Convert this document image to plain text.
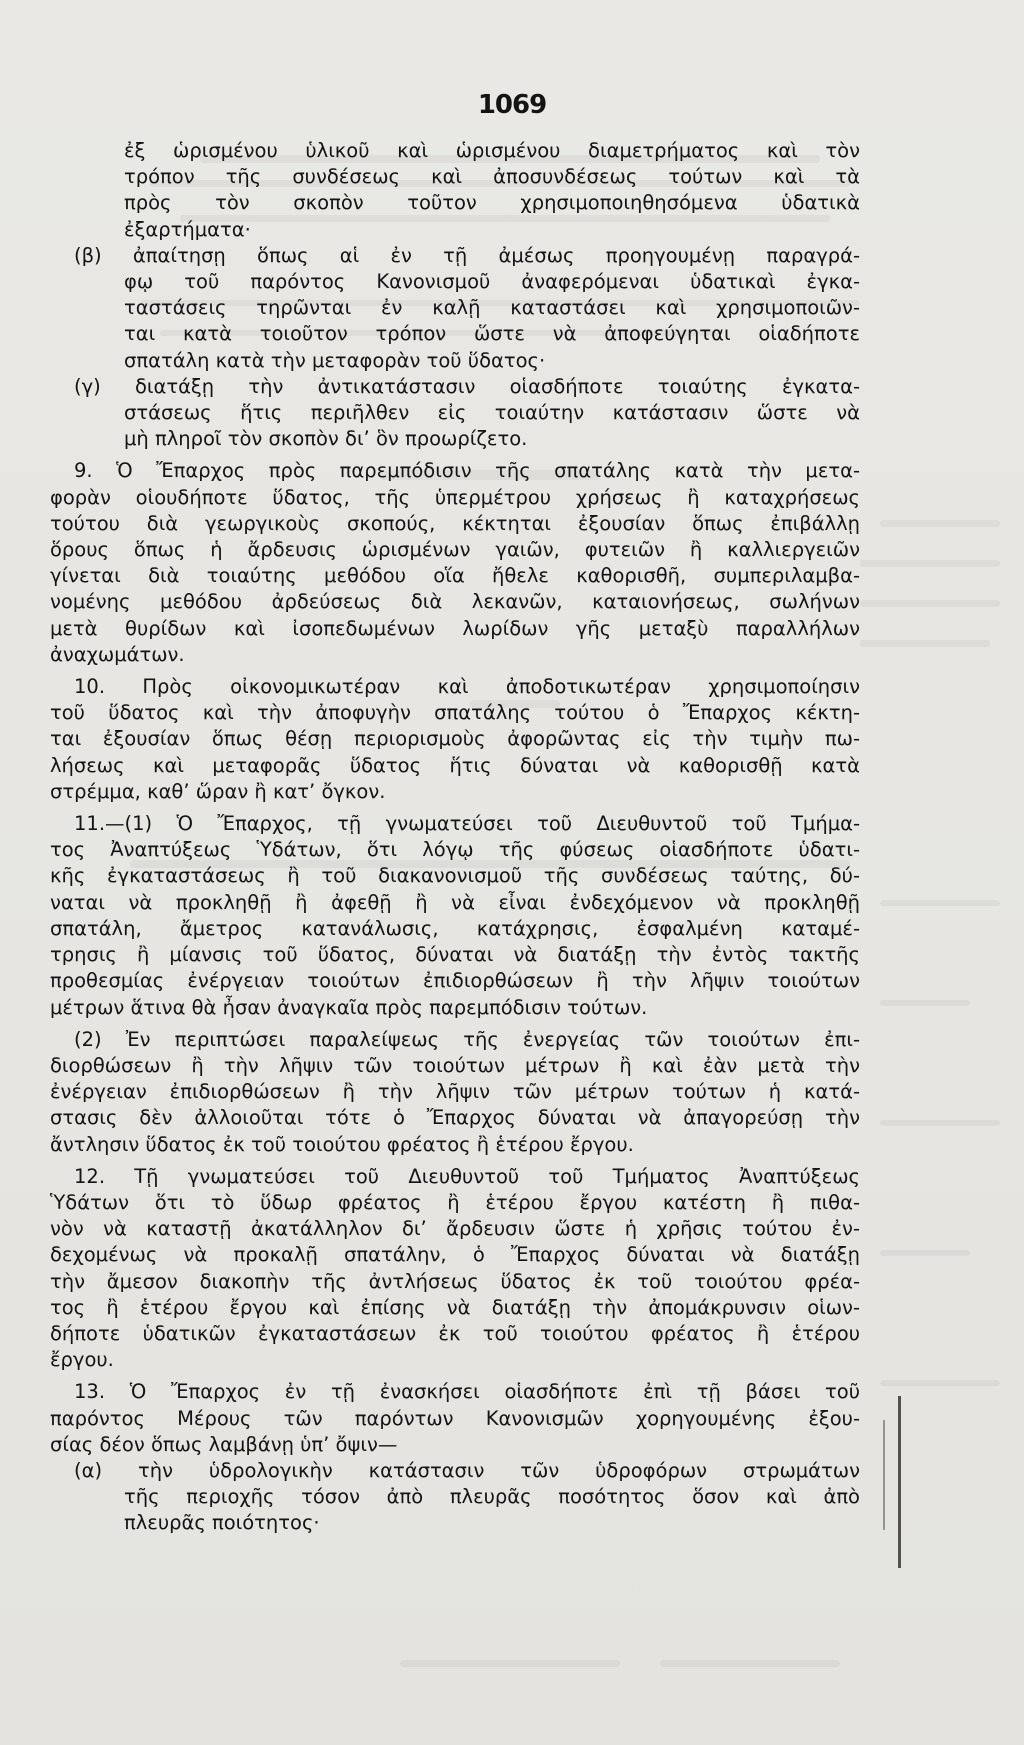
1069
ἐξ ὡρισμένου ὑλικοῦ καὶ ὡρισμένου διαμετρήματος καὶ τὸν
τρόπον τῆς συνδέσεως καὶ ἀποσυνδέσεως τούτων καὶ τὰ
πρὸς τὸν σκοπὸν τοῦτον χρησιμοποιηθησόμενα ὑδατικὰ
ἐξαρτήματα·
(β) ἀπαίτησῃ ὅπως αἱ ἐν τῇ ἀμέσως προηγουμένῃ παραγρά-
φῳ τοῦ παρόντος Κανονισμοῦ ἀναφερόμεναι ὑδατικαὶ ἐγκα-
ταστάσεις τηρῶνται ἐν καλῇ καταστάσει καὶ χρησιμοποιῶν-
ται κατὰ τοιοῦτον τρόπον ὥστε νὰ ἀποφεύγηται οἱαδήποτε
σπατάλη κατὰ τὴν μεταφορὰν τοῦ ὕδατος·
(γ) διατάξῃ τὴν ἀντικατάστασιν οἱασδήποτε τοιαύτης ἐγκατα-
στάσεως ἥτις περιῆλθεν εἰς τοιαύτην κατάστασιν ὥστε νὰ
μὴ πληροῖ τὸν σκοπὸν δι’ ὃν προωρίζετο.
9. Ὁ Ἔπαρχος πρὸς παρεμπόδισιν τῆς σπατάλης κατὰ τὴν μετα-
φορὰν οἱουδήποτε ὕδατος, τῆς ὑπερμέτρου χρήσεως ἢ καταχρήσεως
τούτου διὰ γεωργικοὺς σκοπούς, κέκτηται ἐξουσίαν ὅπως ἐπιβάλλῃ
ὅρους ὅπως ἡ ἄρδευσις ὡρισμένων γαιῶν, φυτειῶν ἢ καλλιεργειῶν
γίνεται διὰ τοιαύτης μεθόδου οἵα ἤθελε καθορισθῆ, συμπεριλαμβα-
νομένης μεθόδου ἀρδεύσεως διὰ λεκανῶν, καταιονήσεως, σωλήνων
μετὰ θυρίδων καὶ ἰσοπεδωμένων λωρίδων γῆς μεταξὺ παραλλήλων
ἀναχωμάτων.
10. Πρὸς οἰκονομικωτέραν καὶ ἀποδοτικωτέραν χρησιμοποίησιν
τοῦ ὕδατος καὶ τὴν ἀποφυγὴν σπατάλης τούτου ὁ Ἔπαρχος κέκτη-
ται ἐξουσίαν ὅπως θέσῃ περιορισμοὺς ἀφορῶντας εἰς τὴν τιμὴν πω-
λήσεως καὶ μεταφορᾶς ὕδατος ἥτις δύναται νὰ καθορισθῇ κατὰ
στρέμμα, καθ’ ὥραν ἢ κατ’ ὄγκον.
11.—(1) Ὁ Ἔπαρχος, τῇ γνωματεύσει τοῦ Διευθυντοῦ τοῦ Τμήμα-
τος Ἀναπτύξεως Ὑδάτων, ὅτι λόγῳ τῆς φύσεως οἱασδήποτε ὑδατι-
κῆς ἐγκαταστάσεως ἢ τοῦ διακανονισμοῦ τῆς συνδέσεως ταύτης, δύ-
ναται νὰ προκληθῇ ἢ ἀφεθῇ ἢ νὰ εἶναι ἐνδεχόμενον νὰ προκληθῇ
σπατάλη, ἄμετρος κατανάλωσις, κατάχρησις, ἐσφαλμένη καταμέ-
τρησις ἢ μίανσις τοῦ ὕδατος, δύναται νὰ διατάξῃ τὴν ἐντὸς τακτῆς
προθεσμίας ἐνέργειαν τοιούτων ἐπιδιορθώσεων ἢ τὴν λῆψιν τοιούτων
μέτρων ἅτινα θὰ ἦσαν ἀναγκαῖα πρὸς παρεμπόδισιν τούτων.
(2) Ἐν περιπτώσει παραλείψεως τῆς ἐνεργείας τῶν τοιούτων ἐπι-
διορθώσεων ἢ τὴν λῆψιν τῶν τοιούτων μέτρων ἢ καὶ ἐὰν μετὰ τὴν
ἐνέργειαν ἐπιδιορθώσεων ἢ τὴν λῆψιν τῶν μέτρων τούτων ἡ κατά-
στασις δὲν ἀλλοιοῦται τότε ὁ Ἔπαρχος δύναται νὰ ἀπαγορεύσῃ τὴν
ἄντλησιν ὕδατος ἐκ τοῦ τοιούτου φρέατος ἢ ἑτέρου ἔργου.
12. Τῇ γνωματεύσει τοῦ Διευθυντοῦ τοῦ Τμήματος Ἀναπτύξεως
Ὑδάτων ὅτι τὸ ὕδωρ φρέατος ἢ ἑτέρου ἔργου κατέστη ἢ πιθα-
νὸν νὰ καταστῇ ἀκατάλληλον δι’ ἄρδευσιν ὥστε ἡ χρῆσις τούτου ἐν-
δεχομένως νὰ προκαλῇ σπατάλην, ὁ Ἔπαρχος δύναται νὰ διατάξῃ
τὴν ἄμεσον διακοπὴν τῆς ἀντλήσεως ὕδατος ἐκ τοῦ τοιούτου φρέα-
τος ἢ ἑτέρου ἔργου καὶ ἐπίσης νὰ διατάξῃ τὴν ἀπομάκρυνσιν οἱων-
δήποτε ὑδατικῶν ἐγκαταστάσεων ἐκ τοῦ τοιούτου φρέατος ἢ ἑτέρου
ἔργου.
13. Ὁ Ἔπαρχος ἐν τῇ ἐνασκήσει οἱασδήποτε ἐπὶ τῇ βάσει τοῦ
παρόντος Μέρους τῶν παρόντων Κανονισμῶν χορηγουμένης ἐξου-
σίας δέον ὅπως λαμβάνῃ ὑπ’ ὄψιν—
(α) τὴν ὑδρολογικὴν κατάστασιν τῶν ὑδροφόρων στρωμάτων
τῆς περιοχῆς τόσον ἀπὸ πλευρᾶς ποσότητος ὅσον καὶ ἀπὸ
πλευρᾶς ποιότητος·
